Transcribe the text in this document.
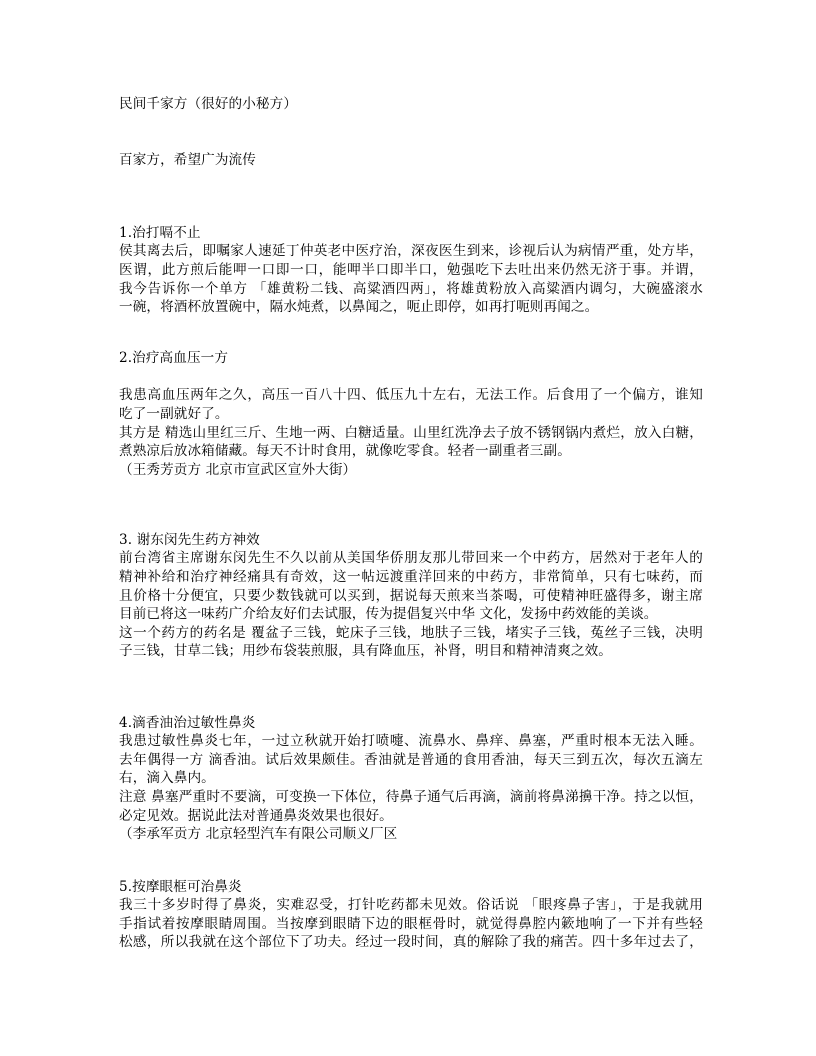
民间千家方（很好的小秘方）
百家方，希望广为流传
1.治打嗝不止
侯其离去后，即嘱家人速延丁仲英老中医疗治，深夜医生到来，诊视后认为病情严重，处方毕，
医谓，此方煎后能呷一口即一口，能呷半口即半口，勉强吃下去吐出来仍然无济于事。并谓，
我今告诉你一个单方 「雄黄粉二钱、高粱酒四两」，将雄黄粉放入高粱酒内调匀，大碗盛滚水
一碗，将酒杯放置碗中，隔水炖煮，以鼻闻之，呃止即停，如再打呃则再闻之。
2.治疗高血压一方
我患高血压两年之久，高压一百八十四、低压九十左右，无法工作。后食用了一个偏方，谁知
吃了一副就好了。
其方是 精选山里红三斤、生地一两、白糖适量。山里红洗净去子放不锈钢锅内煮烂，放入白糖，
煮熟凉后放冰箱储藏。每天不计时食用，就像吃零食。轻者一副重者三副。
（王秀芳贡方 北京市宣武区宣外大街）
3. 谢东闵先生药方神效
前台湾省主席谢东闵先生不久以前从美国华侨朋友那儿带回来一个中药方，居然对于老年人的
精神补给和治疗神经痛具有奇效，这一帖远渡重洋回来的中药方，非常简单，只有七味药，而
且价格十分便宜，只要少数钱就可以买到，据说每天煎来当茶喝，可使精神旺盛得多，谢主席
目前已将这一味药广介给友好们去试服，传为提倡复兴中华 文化，发扬中药效能的美谈。
这一个药方的药名是 覆盆子三钱，蛇床子三钱，地肤子三钱，堵实子三钱，菟丝子三钱，决明
子三钱，甘草二钱；用纱布袋装煎服，具有降血压，补肾，明目和精神清爽之效。
4.滴香油治过敏性鼻炎
我患过敏性鼻炎七年，一过立秋就开始打喷嚏、流鼻水、鼻痒、鼻塞，严重时根本无法入睡。
去年偶得一方 滴香油。试后效果颇佳。香油就是普通的食用香油，每天三到五次，每次五滴左
右，滴入鼻内。
注意 鼻塞严重时不要滴，可变换一下体位，待鼻子通气后再滴，滴前将鼻涕擤干净。持之以恒，
必定见效。据说此法对普通鼻炎效果也很好。
（李承军贡方 北京轻型汽车有限公司顺义厂区
5.按摩眼框可治鼻炎
我三十多岁时得了鼻炎，实难忍受，打针吃药都未见效。俗话说 「眼疼鼻子害」，于是我就用
手指试着按摩眼睛周围。当按摩到眼睛下边的眼框骨时，就觉得鼻腔内簌地响了一下并有些轻
松感，所以我就在这个部位下了功夫。经过一段时间，真的解除了我的痛苦。四十多年过去了，
